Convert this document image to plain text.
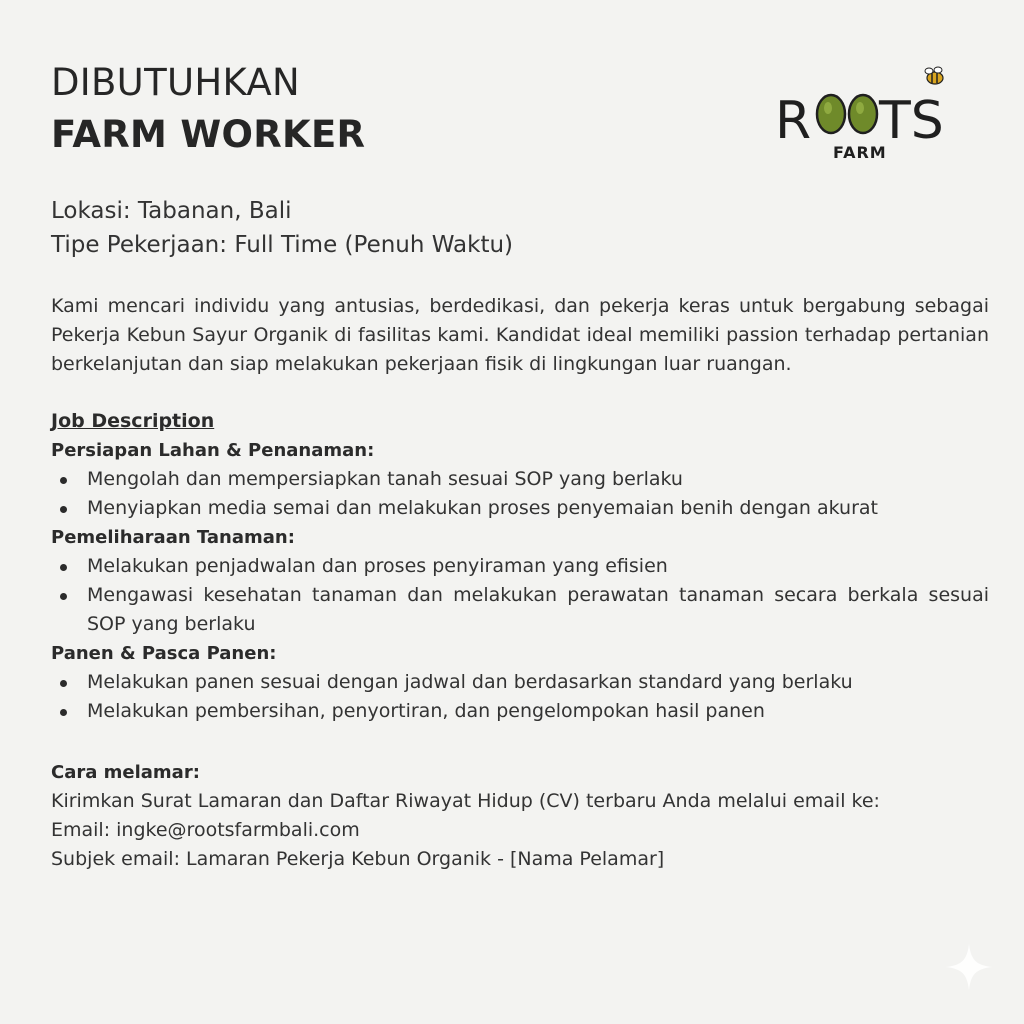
R TS
FARM
DIBUTUHKAN
FARM WORKER
Lokasi: Tabanan, Bali
Tipe Pekerjaan: Full Time (Penuh Waktu)

Kami mencari individu yang antusias, berdedikasi, dan pekerja keras untuk bergabung sebagai Pekerja Kebun Sayur Organik di fasilitas kami. Kandidat ideal memiliki passion terhadap pertanian berkelanjutan dan siap melakukan pekerjaan fisik di lingkungan luar ruangan.

Job Description
Persiapan Lahan & Penanaman:
Mengolah dan mempersiapkan tanah sesuai SOP yang berlaku
Menyiapkan media semai dan melakukan proses penyemaian benih dengan akurat
Pemeliharaan Tanaman:
Melakukan penjadwalan dan proses penyiraman yang efisien
Mengawasi kesehatan tanaman dan melakukan perawatan tanaman secara berkala sesuai SOP yang berlaku
Panen & Pasca Panen:
Melakukan panen sesuai dengan jadwal dan berdasarkan standard yang berlaku
Melakukan pembersihan, penyortiran, dan pengelompokan hasil panen
Cara melamar:
Kirimkan Surat Lamaran dan Daftar Riwayat Hidup (CV) terbaru Anda melalui email ke:
Email: ingke@rootsfarmbali.com
Subjek email: Lamaran Pekerja Kebun Organik - [Nama Pelamar]
